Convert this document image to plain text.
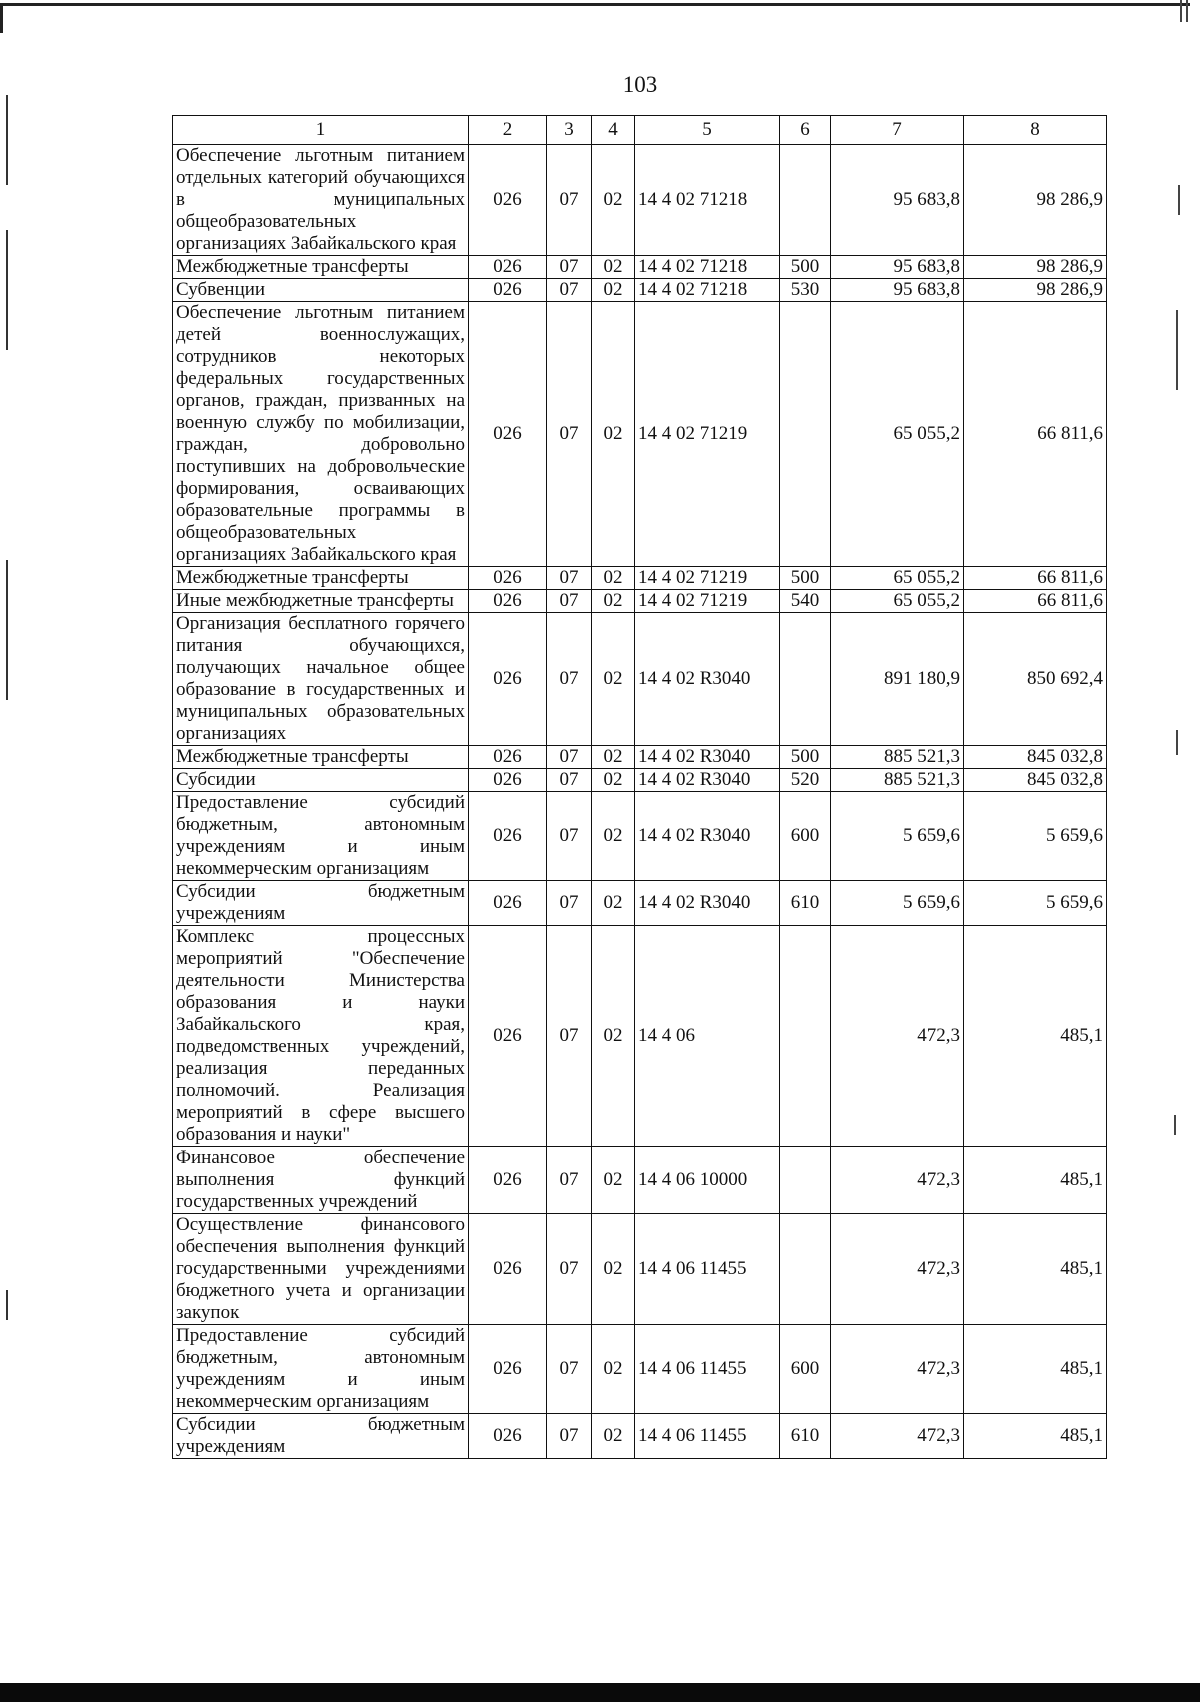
103
1	2	3	4	5	6	7	8
Обеспечение льготным питанием отдельных категорий обучающихся в муниципальных общеобразовательных организациях Забайкальского края	026	07	02	14 4 02 71218		95 683,8	98 286,9
Межбюджетные трансферты	026	07	02	14 4 02 71218	500	95 683,8	98 286,9
Субвенции	026	07	02	14 4 02 71218	530	95 683,8	98 286,9
Обеспечение льготным питанием детей военнослужащих, сотрудников некоторых федеральных государственных органов, граждан, призванных на военную службу по мобилизации, граждан, добровольно поступивших на добровольческие формирования, осваивающих образовательные программы в общеобразовательных организациях Забайкальского края	026	07	02	14 4 02 71219		65 055,2	66 811,6
Межбюджетные трансферты	026	07	02	14 4 02 71219	500	65 055,2	66 811,6
Иные межбюджетные трансферты	026	07	02	14 4 02 71219	540	65 055,2	66 811,6
Организация бесплатного горячего питания обучающихся, получающих начальное общее образование в государственных и муниципальных образовательных организациях	026	07	02	14 4 02 R3040		891 180,9	850 692,4
Межбюджетные трансферты	026	07	02	14 4 02 R3040	500	885 521,3	845 032,8
Субсидии	026	07	02	14 4 02 R3040	520	885 521,3	845 032,8
Предоставление субсидий бюджетным, автономным учреждениям и иным некоммерческим организациям	026	07	02	14 4 02 R3040	600	5 659,6	5 659,6
Субсидии бюджетным учреждениям	026	07	02	14 4 02 R3040	610	5 659,6	5 659,6
Комплекс процессных мероприятий "Обеспечение деятельности Министерства образования и науки Забайкальского края, подведомственных учреждений, реализация переданных полномочий. Реализация мероприятий в сфере высшего образования и науки"	026	07	02	14 4 06		472,3	485,1
Финансовое обеспечение выполнения функций государственных учреждений	026	07	02	14 4 06 10000		472,3	485,1
Осуществление финансового обеспечения выполнения функций государственными учреждениями бюджетного учета и организации закупок	026	07	02	14 4 06 11455		472,3	485,1
Предоставление субсидий бюджетным, автономным учреждениям и иным некоммерческим организациям	026	07	02	14 4 06 11455	600	472,3	485,1
Субсидии бюджетным учреждениям	026	07	02	14 4 06 11455	610	472,3	485,1
